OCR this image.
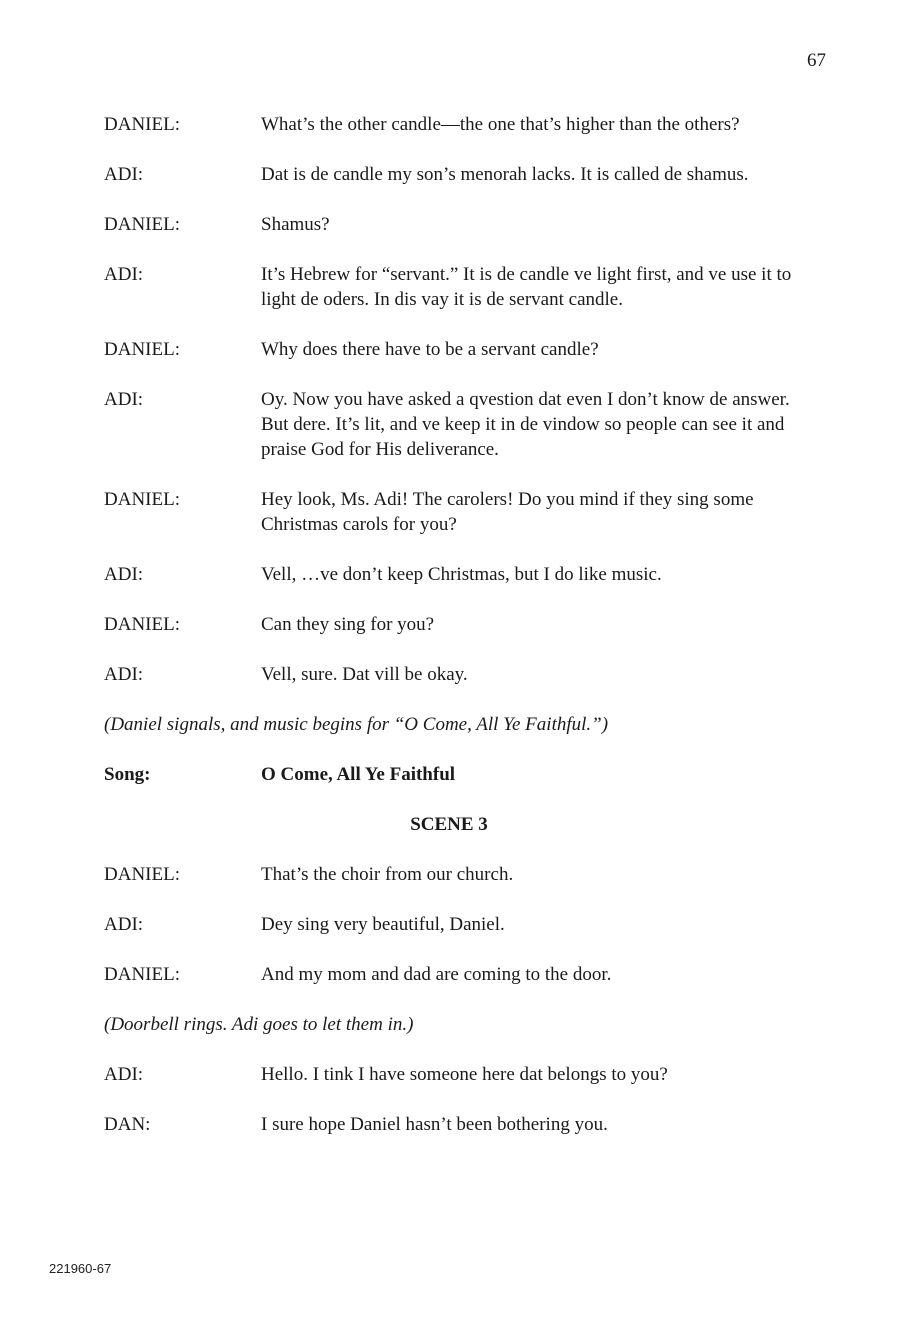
67
DANIEL:	What’s the other candle—the one that’s higher than the others?
ADI:	Dat is de candle my son’s menorah lacks. It is called de shamus.
DANIEL:	Shamus?
ADI:	It’s Hebrew for “servant.” It is de candle ve light first, and ve use it to light de oders. In dis vay it is de servant candle.
DANIEL:	Why does there have to be a servant candle?
ADI:	Oy. Now you have asked a qvestion dat even I don’t know de answer. But dere. It’s lit, and ve keep it in de vindow so people can see it and praise God for His deliverance.
DANIEL:	Hey look, Ms. Adi! The carolers! Do you mind if they sing some Christmas carols for you?
ADI:	Vell, …ve don’t keep Christmas, but I do like music.
DANIEL:	Can they sing for you?
ADI:	Vell, sure. Dat vill be okay.
(Daniel signals, and music begins for “O Come, All Ye Faithful.”)
Song:	O Come, All Ye Faithful
SCENE 3
DANIEL:	That’s the choir from our church.
ADI:	Dey sing very beautiful, Daniel.
DANIEL:	And my mom and dad are coming to the door.
(Doorbell rings. Adi goes to let them in.)
ADI:	Hello. I tink I have someone here dat belongs to you?
DAN:	I sure hope Daniel hasn’t been bothering you.
221960-67
